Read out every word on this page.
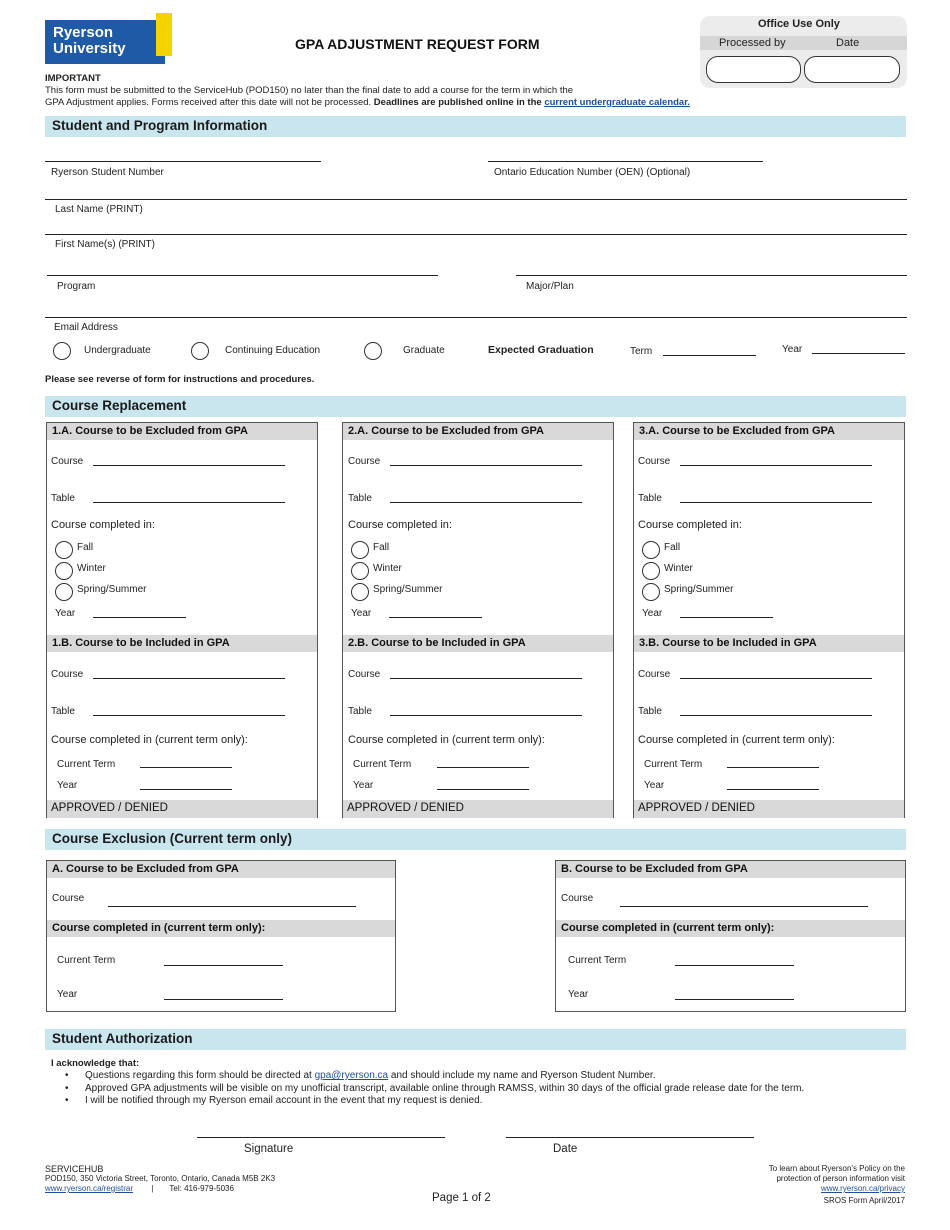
Ryerson
University	GPA ADJUSTMENT REQUEST FORM
Office Use Only
Processed by	Date
IMPORTANT
This form must be submitted to the ServiceHub (POD150) no later than the final date to add a course for the term in which the
GPA Adjustment applies. Forms received after this date will not be processed. Deadlines are published online in the current undergraduate calendar.
Student and Program Information
Ryerson Student Number	Ontario Education Number (OEN) (Optional)
Last Name (PRINT)
First Name(s) (PRINT)
Program	Major/Plan
Email Address
Undergraduate	Continuing Education	Graduate	Expected Graduation	Term	Year
Please see reverse of form for instructions and procedures.
Course Replacement
1.A. Course to be Excluded from GPA
Course
Table
Course completed in:
Fall
Winter
Spring/Summer
Year
1.B. Course to be Included in GPA
Course
Table
Course completed in (current term only):
Current Term
Year
APPROVED / DENIED
2.A. Course to be Excluded from GPA
Course
Table
Course completed in:
Fall
Winter
Spring/Summer
Year
2.B. Course to be Included in GPA
Course
Table
Course completed in (current term only):
Current Term
Year
APPROVED / DENIED
3.A. Course to be Excluded from GPA
Course
Table
Course completed in:
Fall
Winter
Spring/Summer
Year
3.B. Course to be Included in GPA
Course
Table
Course completed in (current term only):
Current Term
Year
APPROVED / DENIED
Course Exclusion (Current term only)
A. Course to be Excluded from GPA
Course
Course completed in (current term only):
Current Term
Year
B. Course to be Excluded from GPA
Course
Course completed in (current term only):
Current Term
Year
Student Authorization
I acknowledge that:
• Questions regarding this form should be directed at gpa@ryerson.ca and should include my name and Ryerson Student Number.
• Approved GPA adjustments will be visible on my unofficial transcript, available online through RAMSS, within 30 days of the official grade release date for the term.
• I will be notified through my Ryerson email account in the event that my request is denied.
Signature	Date
SERVICEHUB
POD150, 350 Victoria Street, Toronto, Ontario, Canada M5B 2K3
www.ryerson.ca/registrar | Tel: 416-979-5036
Page 1 of 2
To learn about Ryerson's Policy on the
protection of person information visit
www.ryerson.ca/privacy
SROS Form April/2017
